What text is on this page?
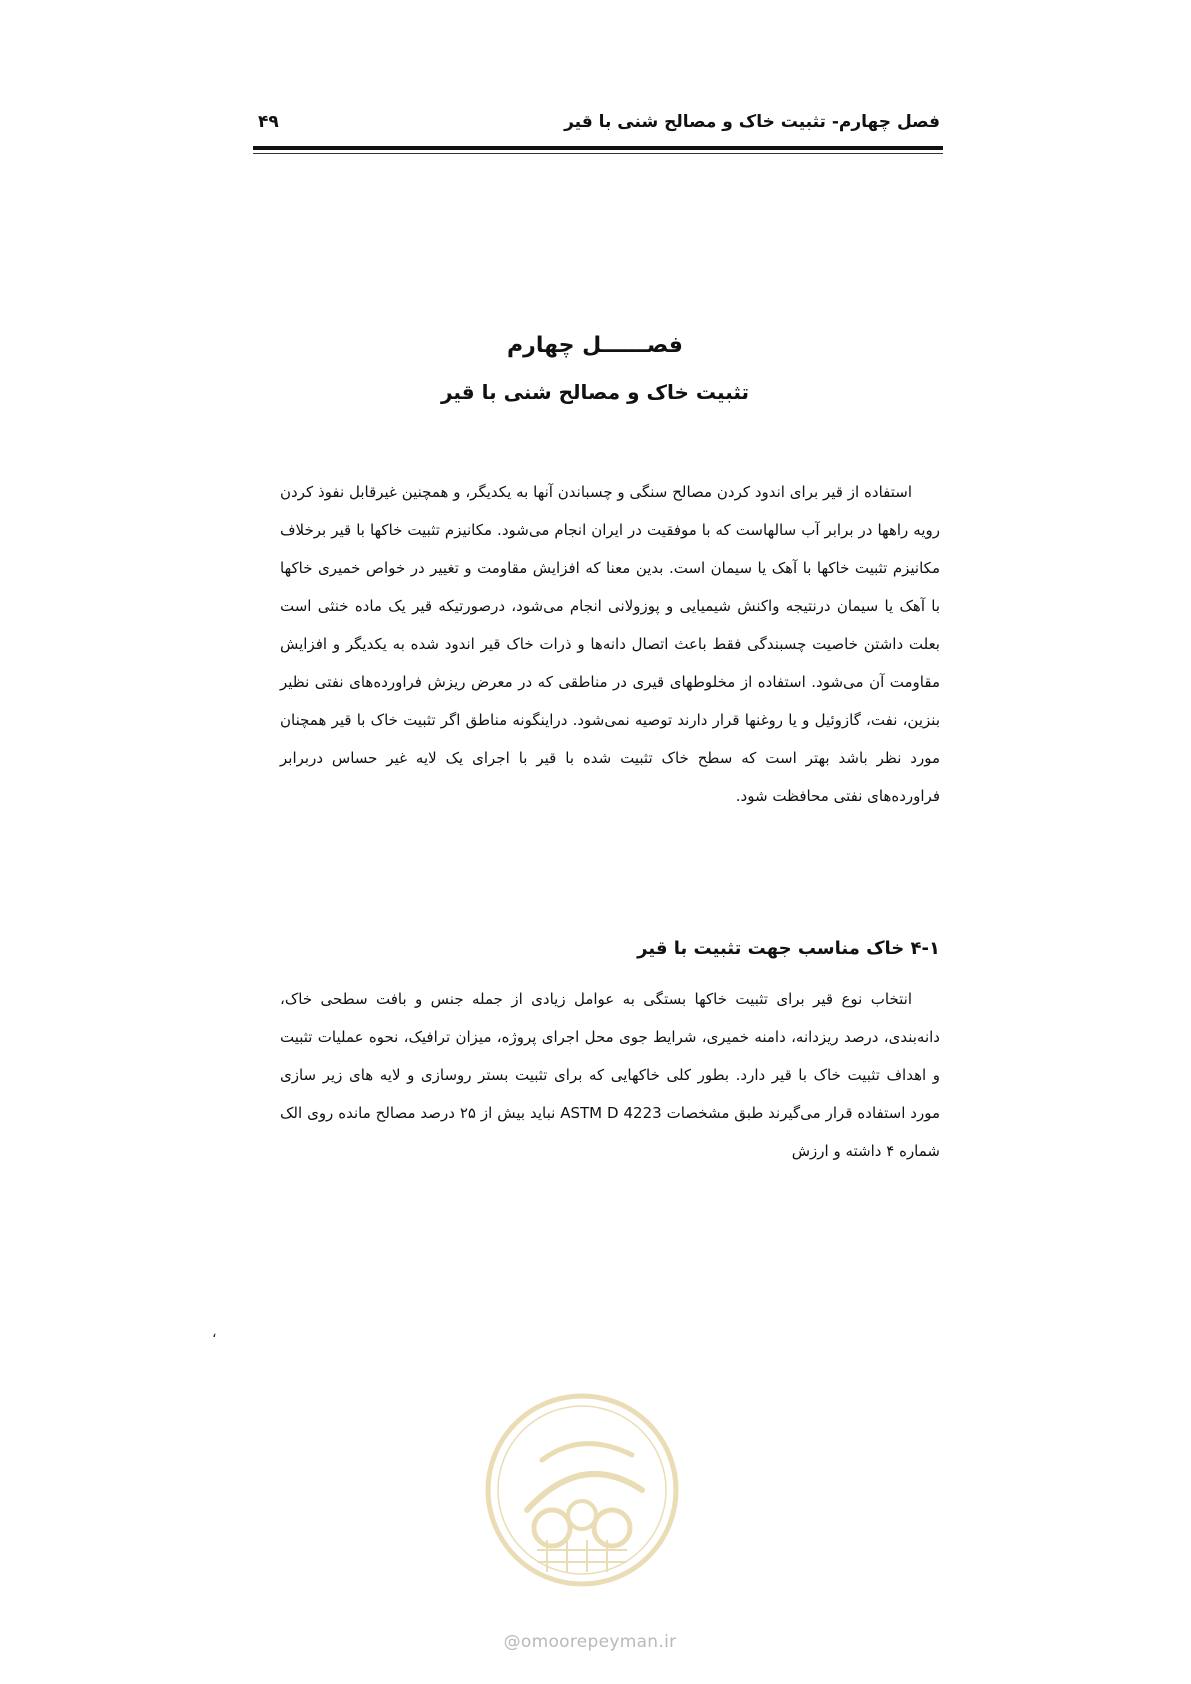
فصل چهارم- تثبیت خاک و مصالح شنی با قیر
۴۹
فصــــــل چهارم
تثبیت خاک و مصالح شنی با قیر
استفاده از قیر برای اندود کردن مصالح سنگی و چسباندن آنها به یکدیگر، و همچنین غیرقابل نفوذ کردن رویه راهها در برابر آب سالهاست که با موفقیت در ایران انجام می‌شود. مکانیزم تثبیت خاکها با قیر برخلاف مکانیزم تثبیت خاکها با آهک یا سیمان است. بدین معنا که افزایش مقاومت و تغییر در خواص خمیری خاکها با آهک یا سیمان درنتیجه واکنش شیمیایی و پوزولانی انجام می‌شود، درصورتیکه قیر یک ماده خنثی است بعلت داشتن خاصیت چسبندگی فقط باعث اتصال دانه‌ها و ذرات خاک قیر اندود شده به یکدیگر و افزایش مقاومت آن می‌شود. استفاده از مخلوطهای قیری در مناطقی که در معرض ریزش فراورده‌های نفتی نظیر بنزین، نفت، گازوئیل و یا روغنها قرار دارند توصیه نمی‌شود. دراینگونه مناطق اگر تثبیت خاک با قیر همچنان مورد نظر باشد بهتر است که سطح خاک تثبیت شده با قیر با اجرای یک لایه غیر حساس دربرابر فراورده‌های نفتی محافظت شود.
۴-۱ خاک مناسب جهت تثبیت با قیر
انتخاب نوع قیر برای تثبیت خاکها بستگی به عوامل زیادی از جمله جنس و بافت سطحی خاک، دانه‌بندی، درصد ریزدانه، دامنه خمیری، شرایط جوی محل اجرای پروژه، میزان ترافیک، نحوه عملیات تثبیت و اهداف تثبیت خاک با قیر دارد. بطور کلی خاکهایی که برای تثبیت بستر روسازی و لایه های زیر سازی مورد استفاده قرار می‌گیرند طبق مشخصات ASTM D 4223 نباید بیش از ۲۵ درصد مصالح مانده روی الک شماره ۴ داشته و ارزش
،
@omoorepeyman.ir
